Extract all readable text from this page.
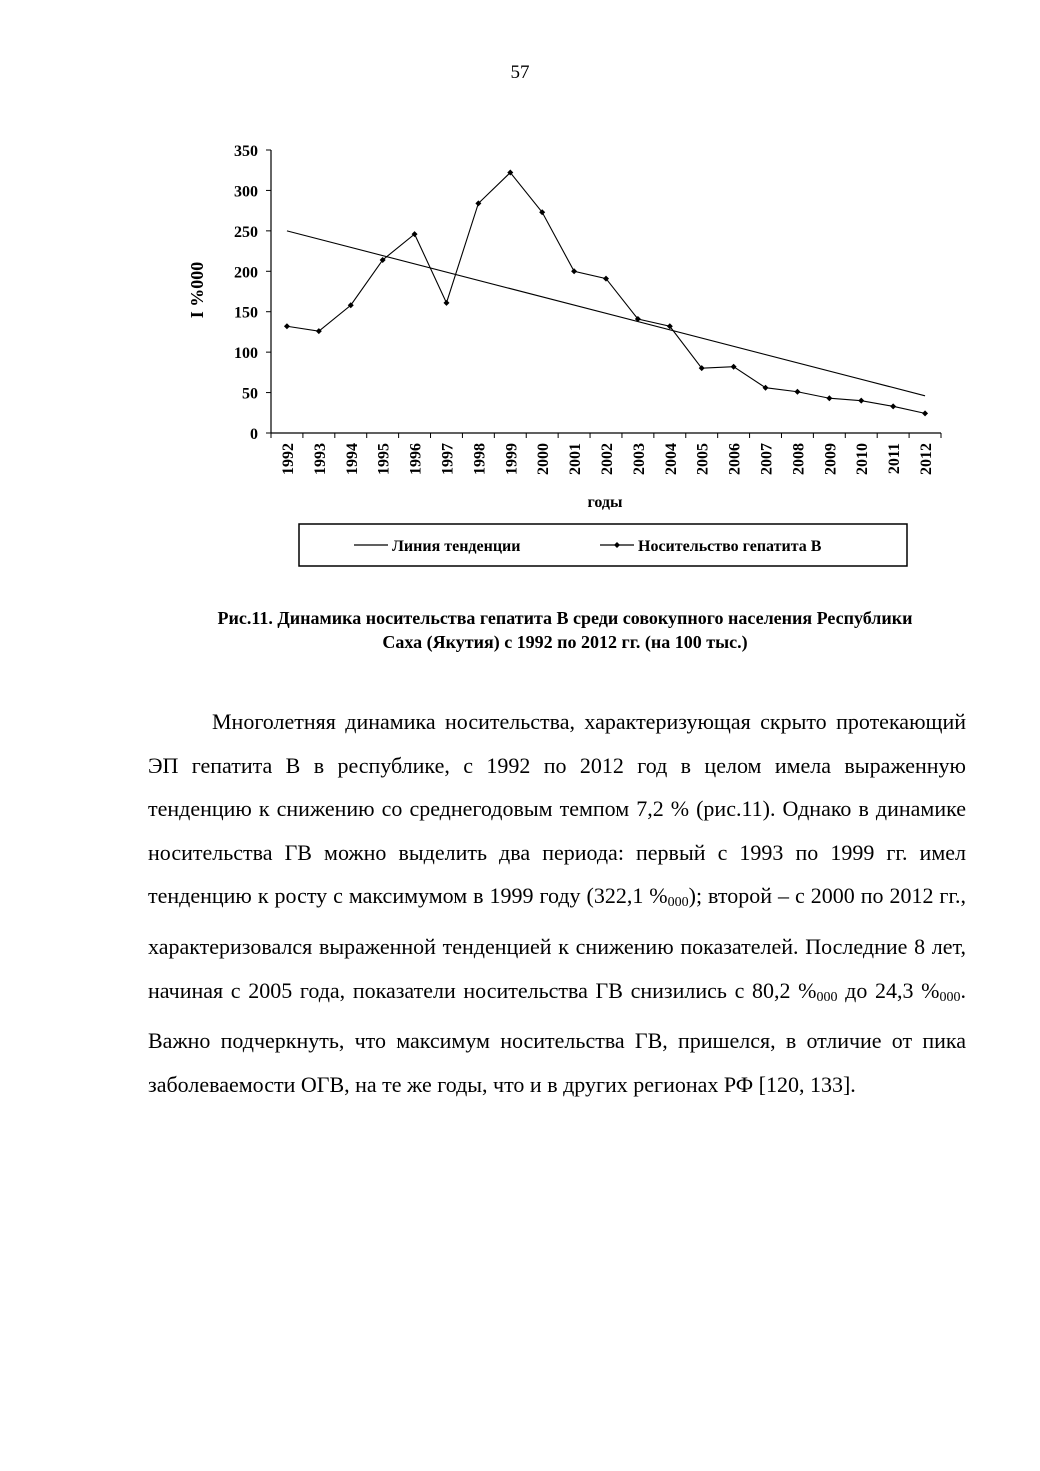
57
0
50
100
150
200
250
300
350
1992 1993 1994 1995 1996 1997 1998 1999 2000 2001 2002 2003 2004 2005 2006 2007 2008 2009 2010 2011 2012
I %000
годы
Линия тенденции	Носительство гепатита В
Рис.11. Динамика носительства гепатита В среди совокупного населения Республики
Саха (Якутия) с 1992 по 2012 гг. (на 100 тыс.)

Многолетняя динамика носительства, характеризующая скрыто протекающий ЭП гепатита В в республике, с 1992 по 2012 год в целом имела выраженную тенденцию к снижению со среднегодовым темпом 7,2 % (рис.11). Однако в динамике носительства ГВ можно выделить два периода: первый с 1993 по 1999 гг. имел тенденцию к росту с максимумом в 1999 году (322,1 $\%_{000}$); второй – с 2000 по 2012 гг., характеризовался выраженной тенденцией к снижению показателей. Последние 8 лет, начиная с 2005 года, показатели носительства ГВ снизились с 80,2 $\%_{000}$ до 24,3 $\%_{000}$. Важно подчеркнуть, что максимум носительства ГВ, пришелся, в отличие от пика заболеваемости ОГВ, на те же годы, что и в других регионах РФ [120, 133].
